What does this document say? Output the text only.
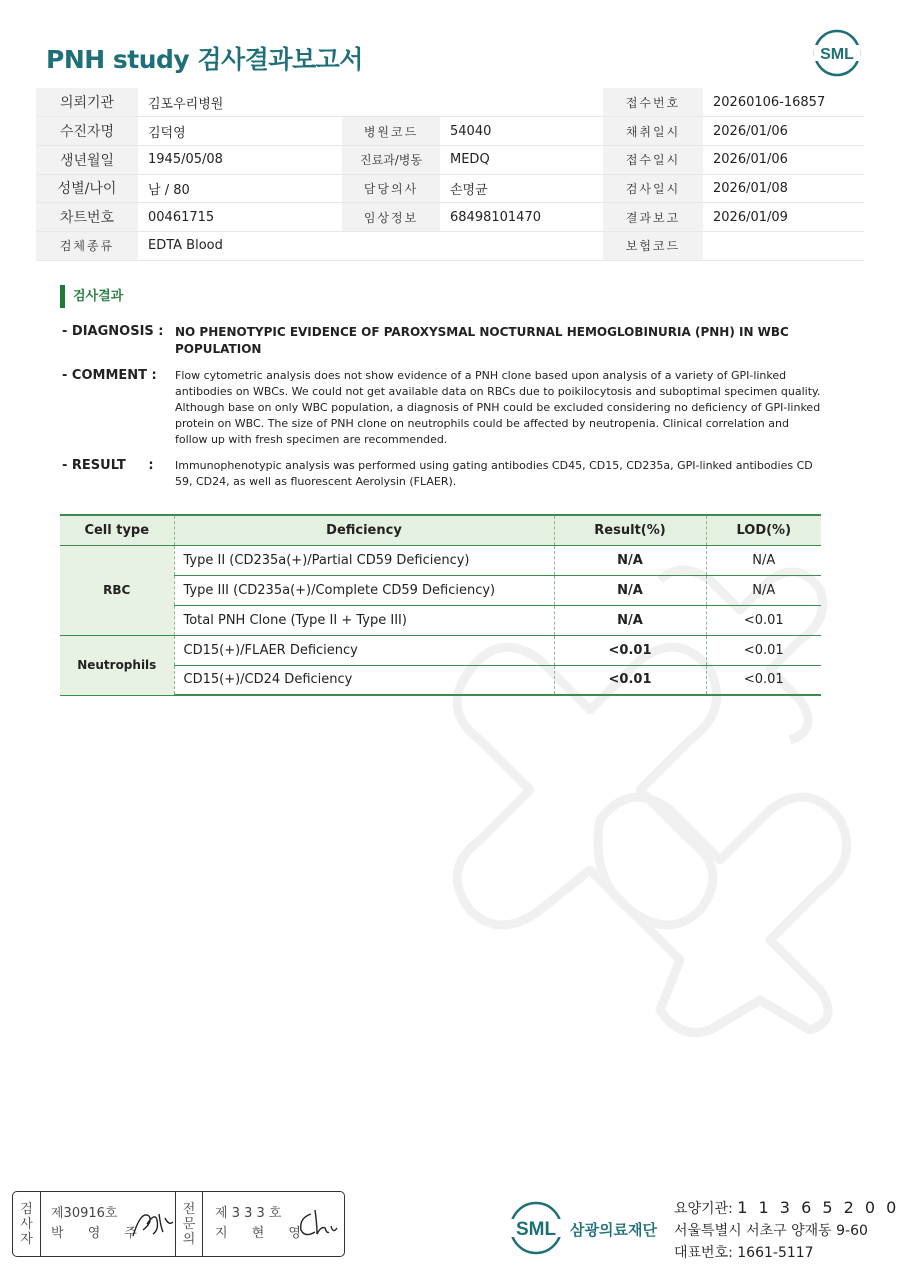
PNH study 검사결과보고서	SML
의뢰기관	김포우리병원			접수번호	20260106-16857
수진자명	김덕영	병원코드	54040	채취일시	2026/01/06
생년월일	1945/05/08	진료과/병동	MEDQ	접수일시	2026/01/06
성별/나이	남 / 80	담당의사	손명균	검사일시	2026/01/08
차트번호	00461715	임상정보	68498101470	결과보고	2026/01/09
검체종류	EDTA Blood			보험코드	
검사결과
- DIAGNOSIS : NO PHENOTYPIC EVIDENCE OF PAROXYSMAL NOCTURNAL HEMOGLOBINURIA (PNH) IN WBC POPULATION
- COMMENT : Flow cytometric analysis does not show evidence of a PNH clone based upon analysis of a variety of GPI-linked antibodies on WBCs. We could not get available data on RBCs due to poikilocytosis and suboptimal specimen quality. Although base on only WBC population, a diagnosis of PNH could be excluded considering no deficiency of GPI-linked protein on WBC. The size of PNH clone on neutrophils could be affected by neutropenia. Clinical correlation and follow up with fresh specimen are recommended.
- RESULT     : Immunophenotypic analysis was performed using gating antibodies CD45, CD15, CD235a, GPI-linked antibodies CD 59, CD24, as well as fluorescent Aerolysin (FLAER).
Cell type	Deficiency	Result(%)	LOD(%)
RBC	Type II (CD235a(+)/Partial CD59 Deficiency)	N/A	N/A
	Type III (CD235a(+)/Complete CD59 Deficiency)	N/A	N/A
	Total PNH Clone (Type II + Type III)	N/A	<0.01
Neutrophils	CD15(+)/FLAER Deficiency	<0.01	<0.01
	CD15(+)/CD24 Deficiency	<0.01	<0.01
검
사
자
제30916호
박 영 주
전
문
의
제 3 3 3 호
지 현 영	SML 삼광의료재단
요양기관: 1 1 3 6 5 2 0 0
서울특별시 서초구 양재동 9-60
대표번호: 1661-5117
